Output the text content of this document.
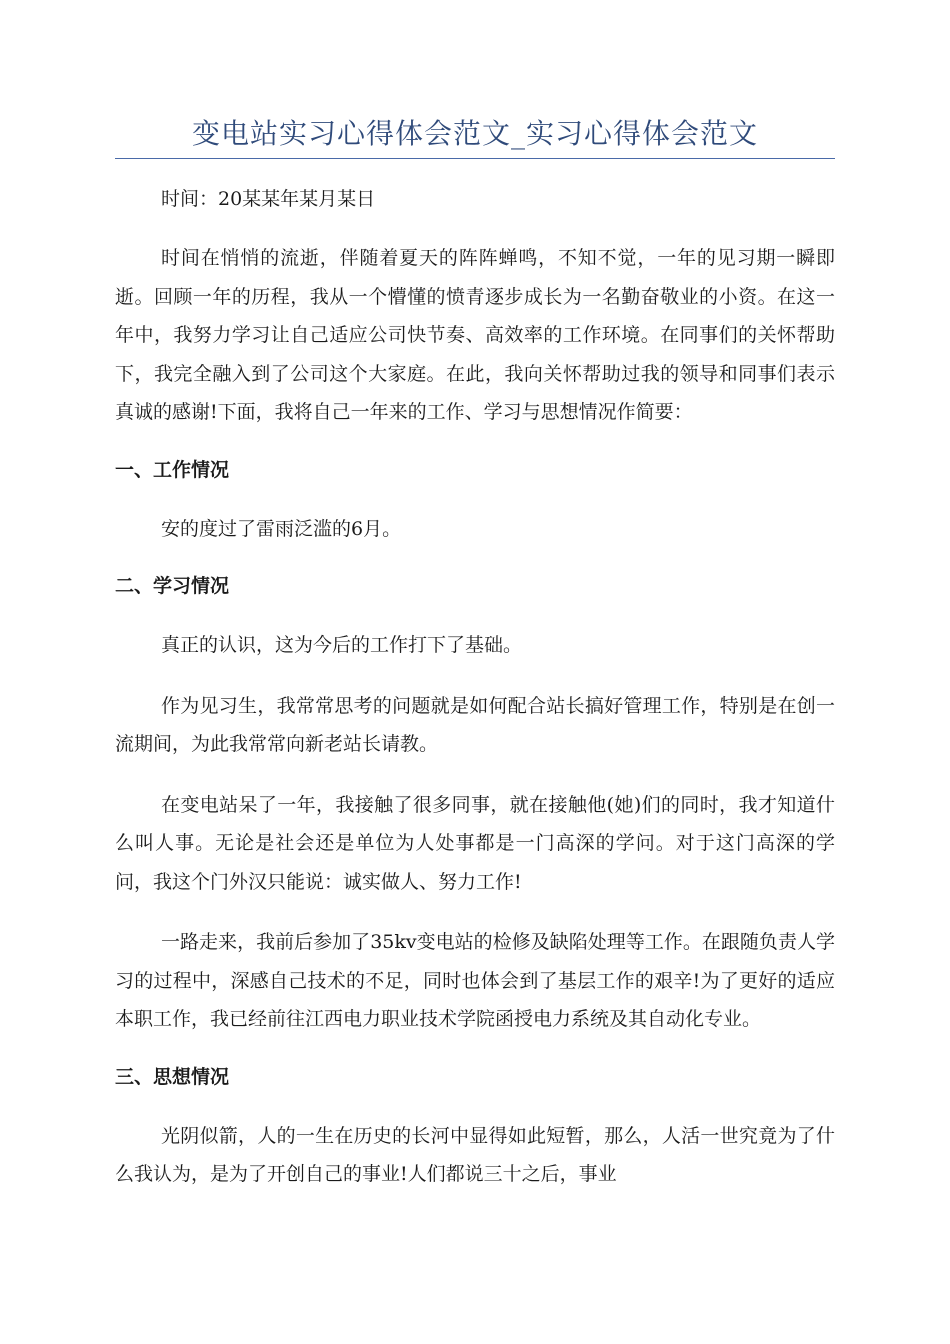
变电站实习心得体会范文_实习心得体会范文
时间：20某某年某月某日

时间在悄悄的流逝，伴随着夏天的阵阵蝉鸣，不知不觉，一年的见习期一瞬即逝。回顾一年的历程，我从一个懵懂的愤青逐步成长为一名勤奋敬业的小资。在这一年中，我努力学习让自己适应公司快节奏、高效率的工作环境。在同事们的关怀帮助下，我完全融入到了公司这个大家庭。在此，我向关怀帮助过我的领导和同事们表示真诚的感谢!下面，我将自己一年来的工作、学习与思想情况作简要：

一、工作情况

安的度过了雷雨泛滥的6月。

二、学习情况

真正的认识，这为今后的工作打下了基础。

作为见习生，我常常思考的问题就是如何配合站长搞好管理工作，特别是在创一流期间，为此我常常向新老站长请教。

在变电站呆了一年，我接触了很多同事，就在接触他(她)们的同时，我才知道什么叫人事。无论是社会还是单位为人处事都是一门高深的学问。对于这门高深的学问，我这个门外汉只能说：诚实做人、努力工作!

一路走来，我前后参加了35kv变电站的检修及缺陷处理等工作。在跟随负责人学习的过程中，深感自己技术的不足，同时也体会到了基层工作的艰辛!为了更好的适应本职工作，我已经前往江西电力职业技术学院函授电力系统及其自动化专业。

三、思想情况

光阴似箭，人的一生在历史的长河中显得如此短暂，那么，人活一世究竟为了什么我认为，是为了开创自己的事业!人们都说三十之后，事业
